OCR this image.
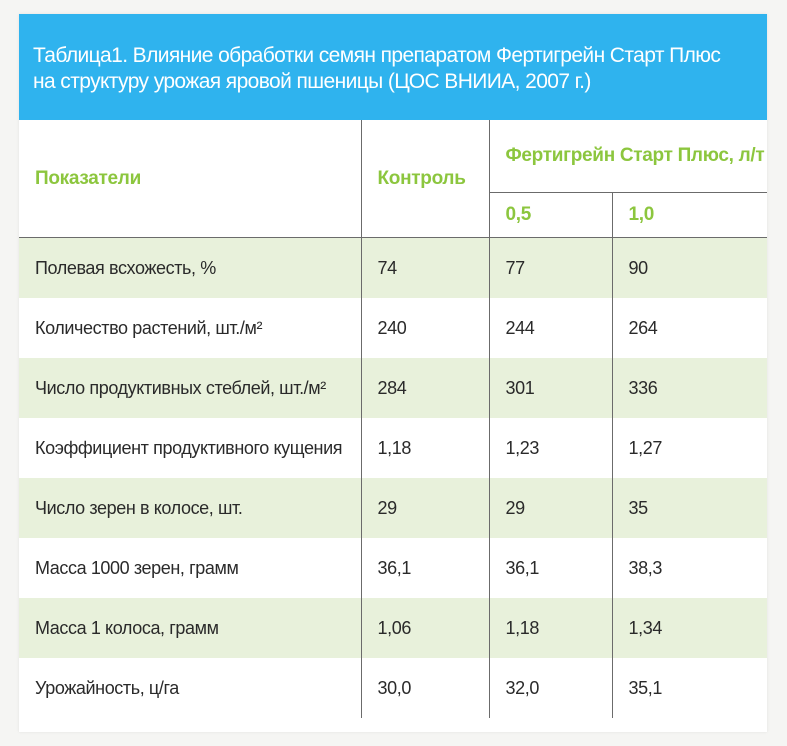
Таблица1. Влияние обработки семян препаратом Фертигрейн Старт Плюс
на структуру урожая яровой пшеницы (ЦОС ВНИИА, 2007 г.)
Показатели	Контроль	Фертигрейн Старт Плюс, л/т	

		0,5	1,0
Полевая всхожесть, %	74	77	90
Количество растений, шт./м²	240	244	264
Число продуктивных стеблей, шт./м²	284	301	336
Коэффициент продуктивного кущения	1,18	1,23	1,27
Число зерен в колосе, шт.	29	29	35
Масса 1000 зерен, грамм	36,1	36,1	38,3
Масса 1 колоса, грамм	1,06	1,18	1,34
Урожайность, ц/га	30,0	32,0	35,1
